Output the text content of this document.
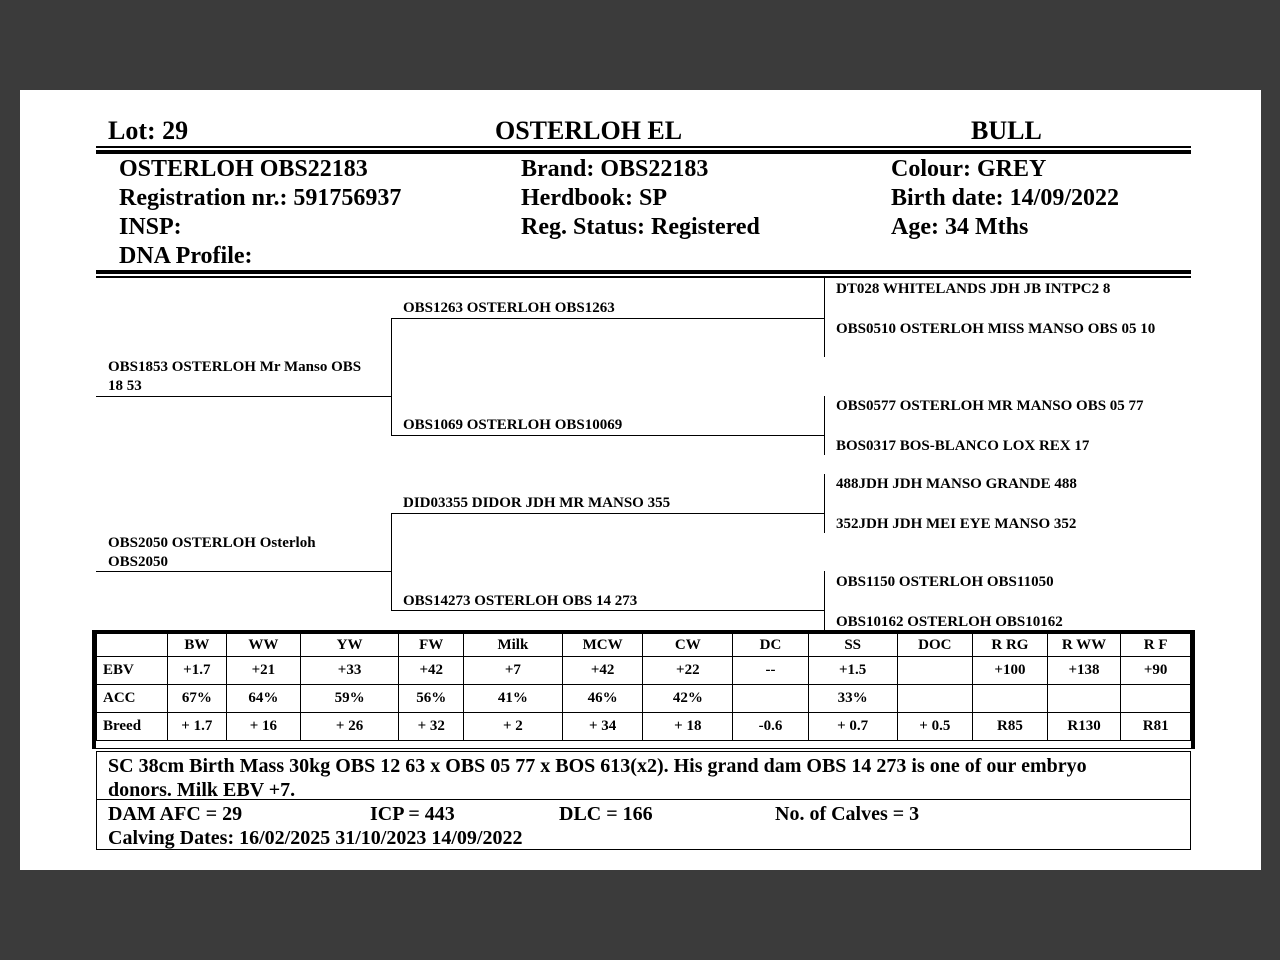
Lot: 29	OSTERLOH EL	BULL
OSTERLOH OBS22183
Registration nr.: 591756937
INSP:
DNA Profile:
Brand: OBS22183
Herdbook: SP
Reg. Status: Registered
Colour: GREY
Birth date: 14/09/2022
Age: 34 Mths
OBS1853 OSTERLOH Mr Manso OBS 18 53
OBS2050 OSTERLOH Osterloh OBS2050
OBS1263 OSTERLOH OBS1263
OBS1069 OSTERLOH OBS10069
DID03355 DIDOR JDH MR MANSO 355
OBS14273 OSTERLOH OBS 14 273
DT028 WHITELANDS JDH JB INTPC2 8
OBS0510 OSTERLOH MISS MANSO OBS 05 10
OBS0577 OSTERLOH MR MANSO OBS 05 77
BOS0317 BOS-BLANCO LOX REX 17
488JDH JDH MANSO GRANDE 488
352JDH JDH MEI EYE MANSO 352
OBS1150 OSTERLOH OBS11050
OBS10162 OSTERLOH OBS10162
	BW	WW	YW	FW	Milk	MCW	CW	DC	SS	DOC	R RG	R WW	R F
EBV	+1.7	+21	+33	+42	+7	+42	+22	--	+1.5		+100	+138	+90
ACC	67%	64%	59%	56%	41%	46%	42%		33%				
Breed	+ 1.7	+ 16	+ 26	+ 32	+ 2	+ 34	+ 18	-0.6	+ 0.7	+ 0.5	R85	R130	R81
SC 38cm Birth Mass 30kg OBS 12 63 x OBS 05 77 x BOS 613(x2). His grand dam OBS 14 273 is one of our embryo
donors. Milk EBV +7.
DAM AFC = 29	ICP = 443	DLC = 166	No. of Calves = 3
Calving Dates: 16/02/2025 31/10/2023 14/09/2022
